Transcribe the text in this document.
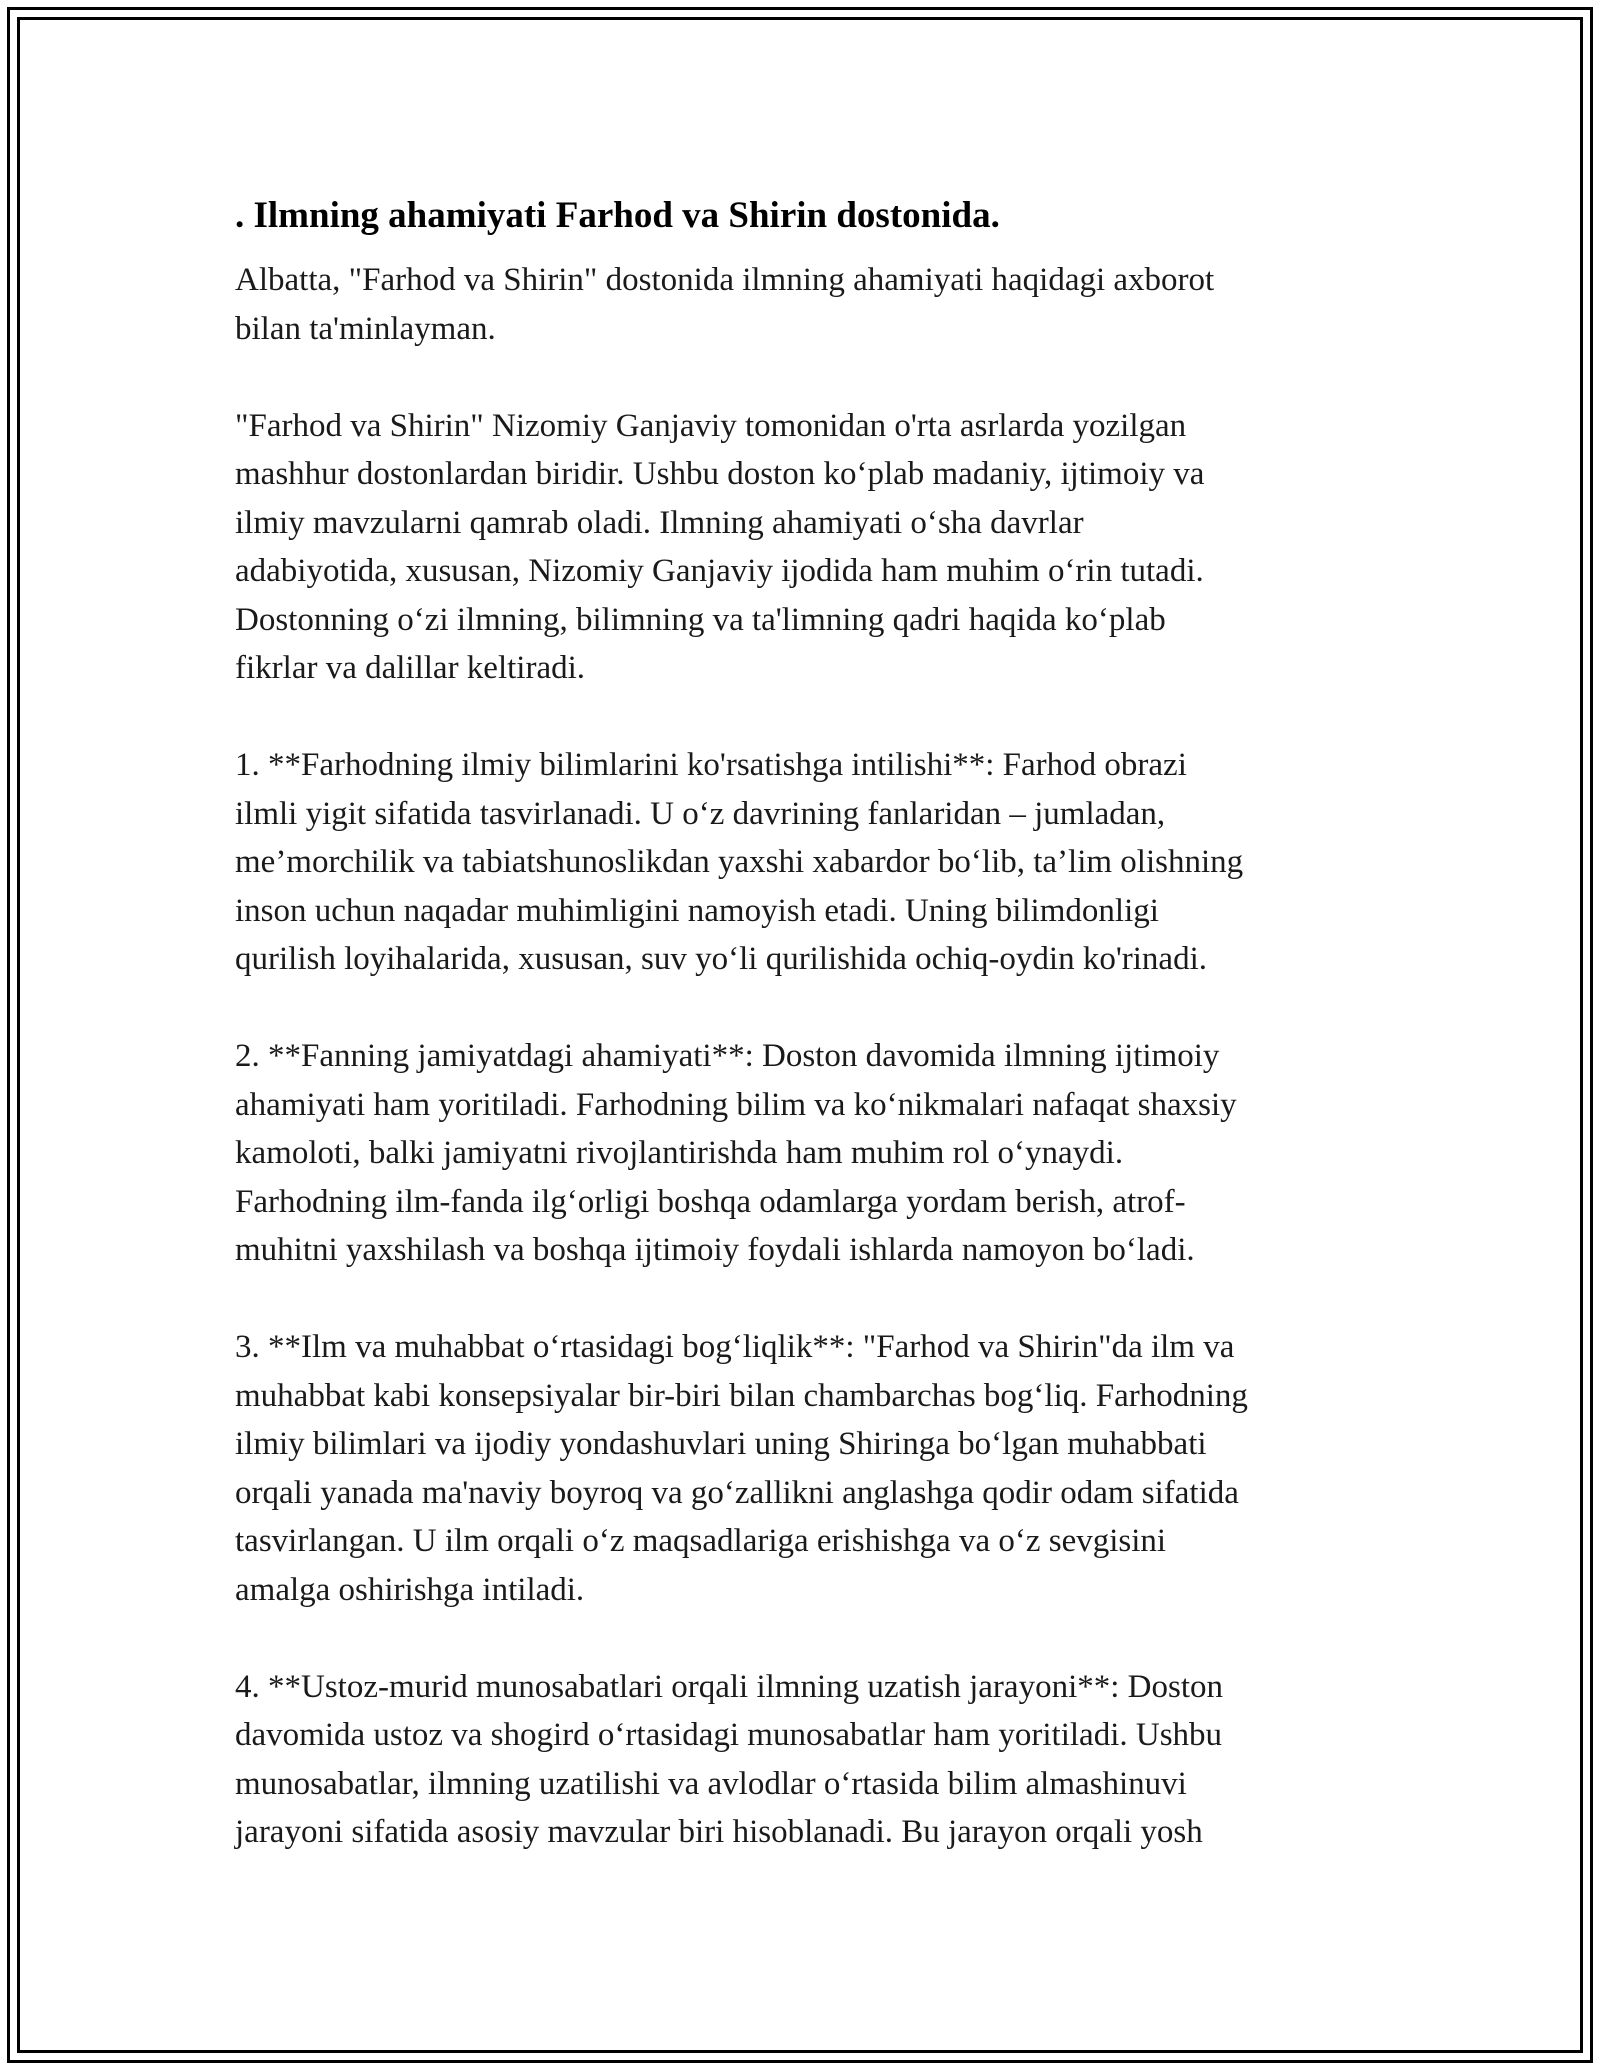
. Ilmning ahamiyati Farhod va Shirin dostonida.

Albatta, "Farhod va Shirin" dostonida ilmning ahamiyati haqidagi axborot
bilan ta'minlayman.

"Farhod va Shirin" Nizomiy Ganjaviy tomonidan o'rta asrlarda yozilgan
mashhur dostonlardan biridir. Ushbu doston ko‘plab madaniy, ijtimoiy va
ilmiy mavzularni qamrab oladi. Ilmning ahamiyati o‘sha davrlar
adabiyotida, xususan, Nizomiy Ganjaviy ijodida ham muhim o‘rin tutadi.
Dostonning o‘zi ilmning, bilimning va ta'limning qadri haqida ko‘plab
fikrlar va dalillar keltiradi.

1. **Farhodning ilmiy bilimlarini ko'rsatishga intilishi**: Farhod obrazi
ilmli yigit sifatida tasvirlanadi. U o‘z davrining fanlaridan – jumladan,
me’morchilik va tabiatshunoslikdan yaxshi xabardor bo‘lib, ta’lim olishning
inson uchun naqadar muhimligini namoyish etadi. Uning bilimdonligi
qurilish loyihalarida, xususan, suv yo‘li qurilishida ochiq-oydin ko'rinadi.

2. **Fanning jamiyatdagi ahamiyati**: Doston davomida ilmning ijtimoiy
ahamiyati ham yoritiladi. Farhodning bilim va ko‘nikmalari nafaqat shaxsiy
kamoloti, balki jamiyatni rivojlantirishda ham muhim rol o‘ynaydi.
Farhodning ilm-fanda ilg‘orligi boshqa odamlarga yordam berish, atrof-
muhitni yaxshilash va boshqa ijtimoiy foydali ishlarda namoyon bo‘ladi.

3. **Ilm va muhabbat o‘rtasidagi bog‘liqlik**: "Farhod va Shirin"da ilm va
muhabbat kabi konsepsiyalar bir-biri bilan chambarchas bog‘liq. Farhodning
ilmiy bilimlari va ijodiy yondashuvlari uning Shiringa bo‘lgan muhabbati
orqali yanada ma'naviy boyroq va go‘zallikni anglashga qodir odam sifatida
tasvirlangan. U ilm orqali o‘z maqsadlariga erishishga va o‘z sevgisini
amalga oshirishga intiladi.

4. **Ustoz-murid munosabatlari orqali ilmning uzatish jarayoni**: Doston
davomida ustoz va shogird o‘rtasidagi munosabatlar ham yoritiladi. Ushbu
munosabatlar, ilmning uzatilishi va avlodlar o‘rtasida bilim almashinuvi
jarayoni sifatida asosiy mavzular biri hisoblanadi. Bu jarayon orqali yosh
